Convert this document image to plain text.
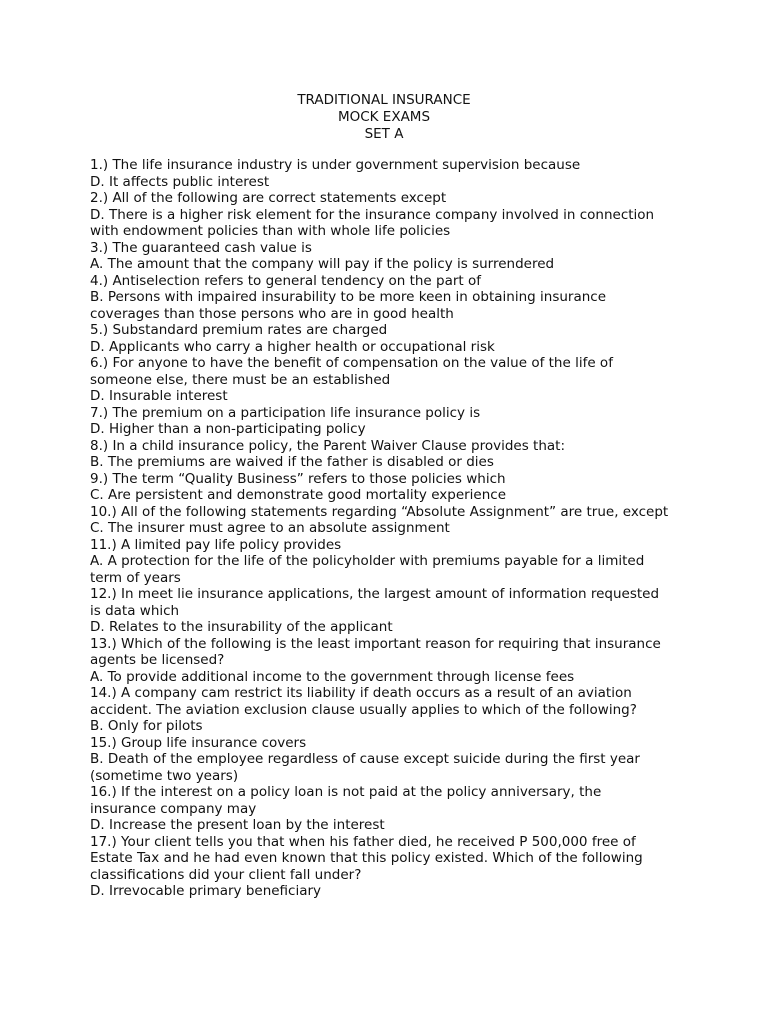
TRADITIONAL INSURANCE
MOCK EXAMS
SET A
1.) The life insurance industry is under government supervision because
D. It affects public interest
2.) All of the following are correct statements except
D. There is a higher risk element for the insurance company involved in connection with endowment policies than with whole life policies
3.) The guaranteed cash value is
A. The amount that the company will pay if the policy is surrendered
4.) Antiselection refers to general tendency on the part of
B. Persons with impaired insurability to be more keen in obtaining insurance coverages than those persons who are in good health
5.) Substandard premium rates are charged
D. Applicants who carry a higher health or occupational risk
6.) For anyone to have the benefit of compensation on the value of the life of someone else, there must be an established
D. Insurable interest
7.) The premium on a participation life insurance policy is
D. Higher than a non-participating policy
8.) In a child insurance policy, the Parent Waiver Clause provides that:
B. The premiums are waived if the father is disabled or dies
9.) The term “Quality Business” refers to those policies which
C. Are persistent and demonstrate good mortality experience
10.) All of the following statements regarding “Absolute Assignment” are true, except
C. The insurer must agree to an absolute assignment
11.) A limited pay life policy provides
A. A protection for the life of the policyholder with premiums payable for a limited term of years
12.) In meet lie insurance applications, the largest amount of information requested is data which
D. Relates to the insurability of the applicant
13.) Which of the following is the least important reason for requiring that insurance agents be licensed?
A. To provide additional income to the government through license fees
14.) A company cam restrict its liability if death occurs as a result of an aviation accident. The aviation exclusion clause usually applies to which of the following?
B. Only for pilots
15.) Group life insurance covers
B. Death of the employee regardless of cause except suicide during the first year (sometime two years)
16.) If the interest on a policy loan is not paid at the policy anniversary, the insurance company may
D. Increase the present loan by the interest
17.) Your client tells you that when his father died, he received P 500,000 free of Estate Tax and he had even known that this policy existed. Which of the following classifications did your client fall under?
D. Irrevocable primary beneficiary
